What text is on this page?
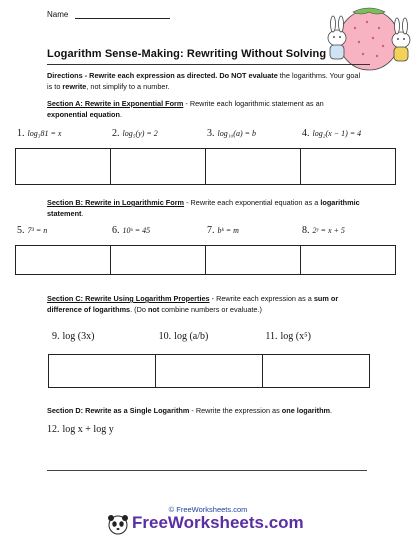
Name
Logarithm Sense-Making: Rewriting Without Solving
Directions - Rewrite each expression as directed. Do NOT evaluate the logarithms. Your goal is to rewrite, not simplify to a number.
Section A: Rewrite in Exponential Form - Rewrite each logarithmic statement as an exponential equation.
1. log₃81 = x	2. log₅(y) = 2	3. log₁₀(a) = b	4. log₂(x − 1) = 4
Section B: Rewrite in Logarithmic Form - Rewrite each exponential equation as a logarithmic statement.
5. 7³ = n	6. 10ˣ = 45	7. bᵏ = m	8. 2ʸ = x + 5
Section C: Rewrite Using Logarithm Properties - Rewrite each expression as a sum or difference of logarithms. (Do not combine numbers or evaluate.)
9. log (3x)	10. log (a/b)	11. log (x⁵)
Section D: Rewrite as a Single Logarithm - Rewrite the expression as one logarithm.
12. log x + log y
© FreeWorksheets.com
FreeWorksheets.com
